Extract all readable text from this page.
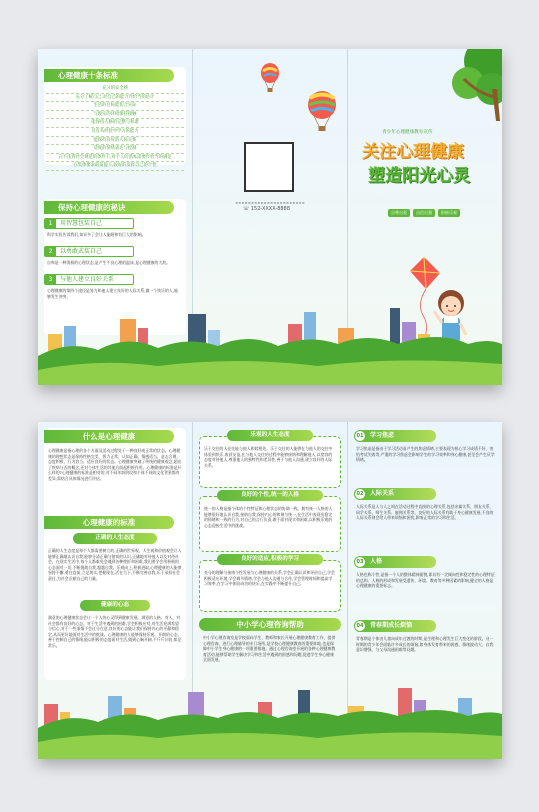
心理健康十条标准
充分的安全感
充分了解自己,对自己的能力作恰当的估计
生活的目标能切合实际
与现实的环境保持接触
能保持人格的完整与和谐
具有从经验中学习的能力
能保持良好的人际关系
适度的情绪表达与控制
在不违背社会规范的条件下,对个人的基本需要作恰当的满足
在集体要求的前提下,较好的发挥自己的个性
保持心理健康的秘诀
1	用智慧包装自己
科学实验告诉我们,知识多了会让人能耐和有巨大的影响。
2	以勇敢武装自己
自卑是一种消极的心理状态,是产生不良心理的温床,是心理健康的大敌。
3	与他人建立良好关系
心理健康的第四个途径是努力和他人建立良好的人际关系,做一个快乐的人,能够发生冲突。
××××××××××××××××××××××
☏ 152-XXXX-8888
青少年心理健康教育宣传
关注心理健康
塑造阳光心灵
自尊自爱	自信自强	积极乐观
什么是心理健康
心理健康是指心理的各个方面及活动过程处于一种良好或正常的状态。心理健康的理想状态是保持性格完美、智力正常、认知正确、情感适当、意志合理、态度积极、行为恰当、适应良好的状态。心理健康突破了传统的健康观念,超出了疾病与否的概念,还对个体生活的其他方面起积极作用。心理健康的标准是什么样的?心理健康的标准是相对的,对不同年龄阶段和个体不同的文化背景都有差异,需结合具体情况进行评估。
心理健康的标准
正确的人生态度
正确的人生态度是每个人都需要树立的,正确的世界观、人生观和价值观会让人能够正确地认识自我,能够分清正确与错误的认识,正确地对待他人以及对待社会。在现实生活中,每个人都难免会遇到各种挫折和困难,我们要学会用积极的心态面对一切,不断挑战自我,超越自我。乐观向上,积极进取,心理健康的人能够坚持不懈,勇往直前,立足现实,把握现在,活在当下,不断完善自我,乐于承担社会责任,为社会贡献自己的力量。
健康的心态
满意的心理健康状态会让一个人的心灵得到健康发展。满意的人格、对人、对社会都有良好的心态。对于生活中遇到的困难,学会积极应对,对生活充满希望与信心,对于一些事情不会过分在意,良好的心态能让我们保持内心的平静和稳定,从而更好地面对生活中的挑战。心理健康的人能够保持乐观、开朗的心态,善于控制自己的情绪,能以积极的态度面对生活,做到心胸开阔,不斤斤计较,知足常乐。
乐观的人生态度
乐于交往的人往往能与他人和睦相处。乐于交往的人能够在与他人的交往中体验到快乐,收获友谊,在与他人交往的过程中能够接纳和理解他人,以宽容的态度对待他人,尊重他人的独特性和差异性,善于与他人沟通,建立良好的人际关系。
良好的个性,统一的人格
统一的人格是指个体的个性特征和心理状态的协调一致。拥有统一人格的人能够很好地认识自我,接纳自我,保持内心的和谐与统一,在生活中表现出稳定的情绪和一致的行为,对自己的言行负责,敢于面对现实和困难,以积极乐观的心态迎接生活中的挑战。
良好的适应,积极的学习
充分的理解与接纳个性发展与心理健康的关系,学会正确认识和评价自己,学会积极适应环境,学会调节情绪,学会与他人沟通与合作,学会管理时间和提高学习效率,在学习中体验成功的快乐,在实践中不断提升自己。
中小学心理咨询帮助
中小学心理咨询室是学校面向学生、教师和家长开展心理健康教育工作、提供心理咨询、进行心理辅导的专门场所,是学校心理健康教育的重要阵地,也是保障中小学生身心健康的一项重要措施。通过心理咨询室开展的各种心理健康教育活动,能够帮助学生解决学习和生活中遇到的困惑和问题,促进学生身心健康全面发展。
01 学习焦虑
学习焦虑是指由于学习活动而产生的焦虑情绪,主要表现为担心学习成绩不好、害怕考试失败等,严重的学习焦虑会影响学生的学习效率和身心健康,甚至会产生厌学情绪。
02 人际关系
人际关系是人与人之间在活动过程中直接的心理关系,包括亲属关系、朋友关系、同学关系、师生关系、雇佣关系等。良好的人际关系有助于身心健康发展,不良的人际关系则会给人带来烦恼和困扰,影响正常的学习和生活。
03 人格
人格也称个性,是指一个人的整体精神面貌,即具有一定倾向性和稳定性的心理特征的总和。人格的形成和发展受遗传、环境、教育等多种因素的影响,健全的人格是心理健康的重要标志。
04 青春期成长烦恼
青春期是个体由儿童向成年过渡的时期,是生理和心理发生巨大变化的阶段。这一时期的青少年会面临许多成长的烦恼,如身体发育带来的困惑、情绪波动大、自我意识增强、与父母沟通困难等问题。
